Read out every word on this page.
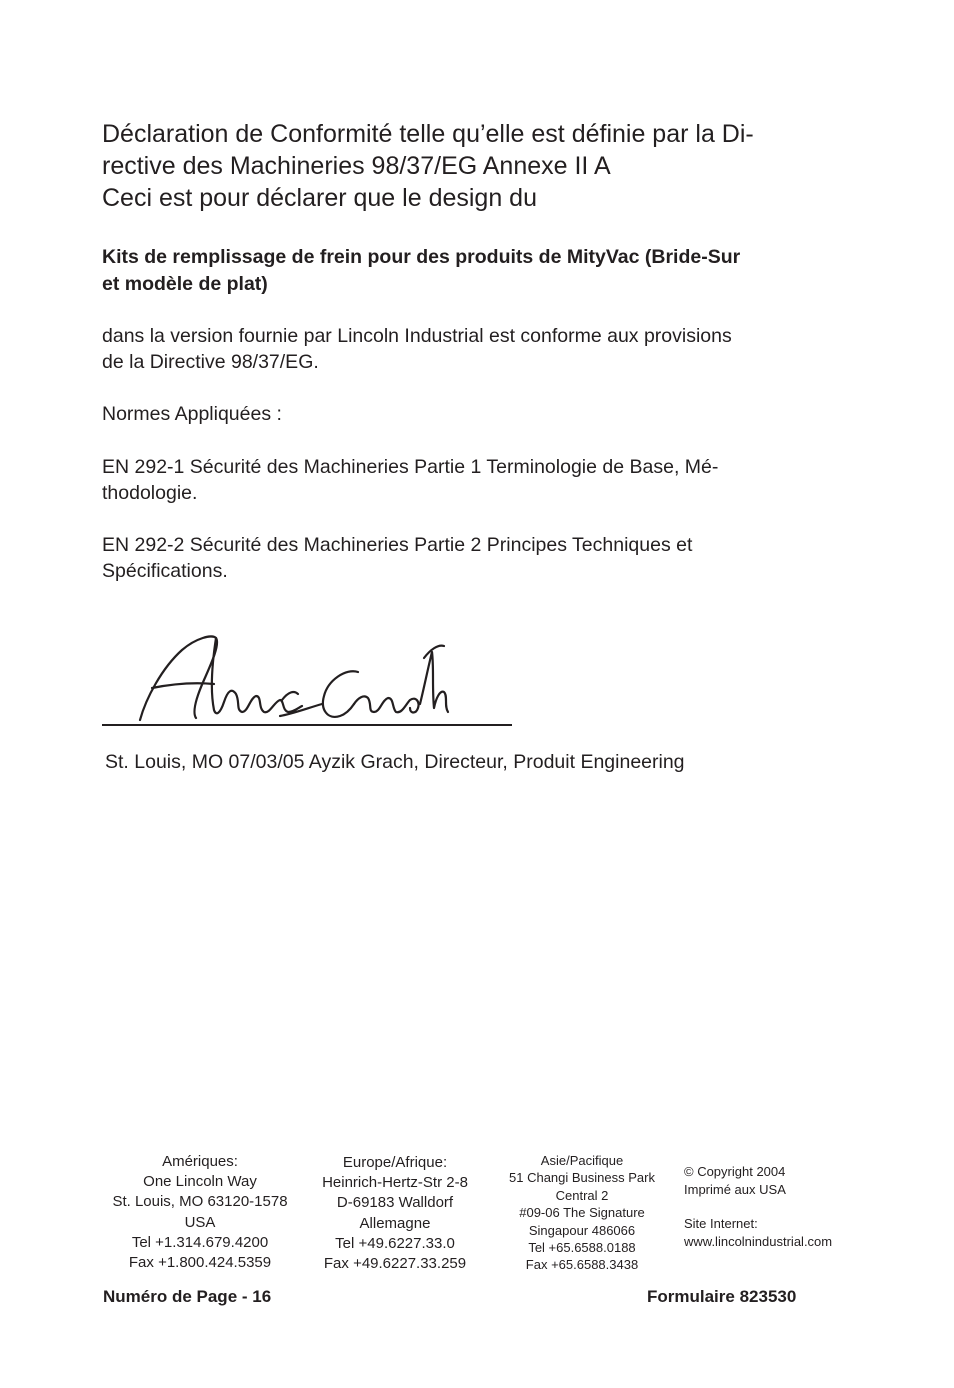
Déclaration de Conformité telle qu’elle est définie par la Di-
rective des Machineries 98/37/EG Annexe II A
Ceci est pour déclarer que le design du
Kits de remplissage de frein pour des produits de MityVac (Bride-Sur
et modèle de plat)
dans la version fournie par Lincoln Industrial est conforme aux provisions
de la Directive 98/37/EG.
Normes Appliquées :
EN 292-1 Sécurité des Machineries Partie 1 Terminologie de Base, Mé-
thodologie.
EN 292-2 Sécurité des Machineries Partie 2 Principes Techniques et
Spécifications.
St. Louis, MO 07/03/05 Ayzik Grach, Directeur, Produit Engineering
Amériques:
One Lincoln Way
St. Louis, MO 63120-1578
USA
Tel +1.314.679.4200
Fax +1.800.424.5359
Europe/Afrique:
Heinrich-Hertz-Str 2-8
D-69183 Walldorf
Allemagne
Tel +49.6227.33.0
Fax +49.6227.33.259
Asie/Pacifique
51 Changi Business Park
Central 2
#09-06 The Signature
Singapour 486066
Tel +65.6588.0188
Fax +65.6588.3438
© Copyright 2004
Imprimé aux USA
Site Internet:
www.lincolnindustrial.com
Numéro de Page - 16	Formulaire 823530
